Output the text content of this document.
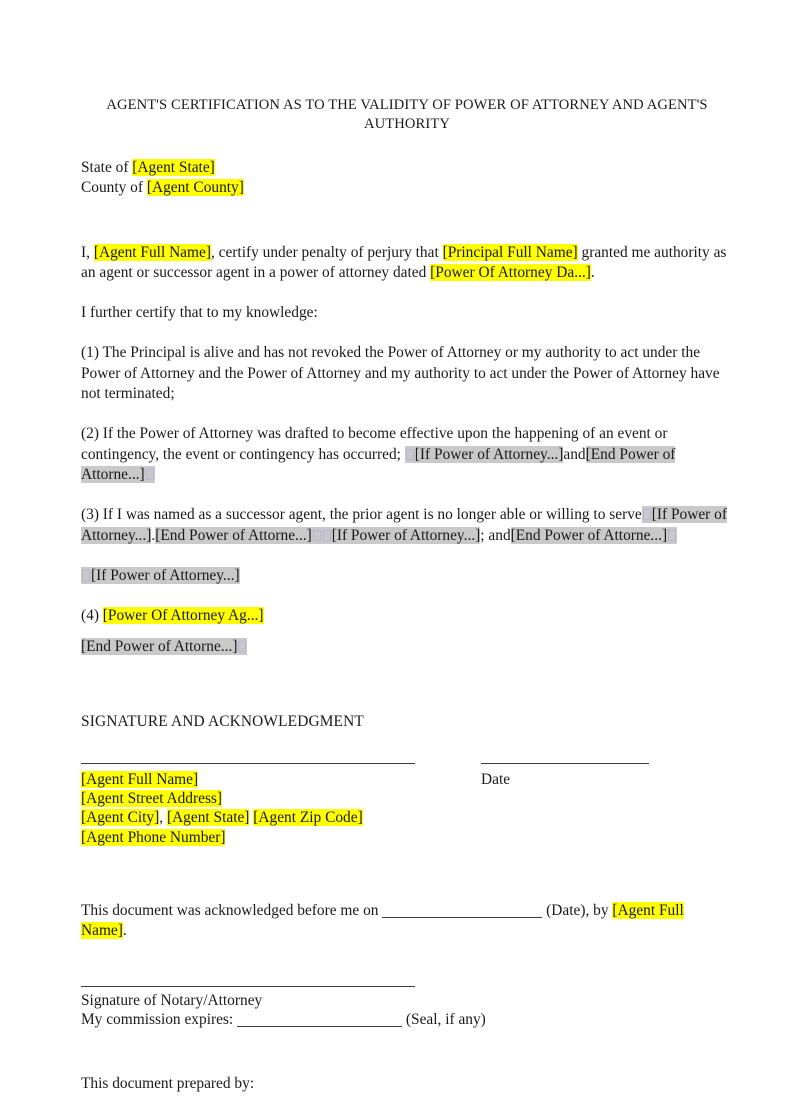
AGENT'S CERTIFICATION AS TO THE VALIDITY OF POWER OF ATTORNEY AND AGENT'S AUTHORITY

State of [Agent State]

County of [Agent County]

I, [Agent Full Name], certify under penalty of perjury that [Principal Full Name] granted me authority as an agent or successor agent in a power of attorney dated [Power Of Attorney Da...].

I further certify that to my knowledge:

(1) The Principal is alive and has not revoked the Power of Attorney or my authority to act under the Power of Attorney and the Power of Attorney and my authority to act under the Power of Attorney have not terminated;

(2) If the Power of Attorney was drafted to become effective upon the happening of an event or contingency, the event or contingency has occurred; [If Power of Attorney...]and[End Power of Attorne...]

(3) If I was named as a successor agent, the prior agent is no longer able or willing to serve [If Power of Attorney...].[End Power of Attorne...] [If Power of Attorney...]; and[End Power of Attorne...]

[If Power of Attorney...]

(4) [Power Of Attorney Ag...]

[End Power of Attorne...]

SIGNATURE AND ACKNOWLEDGMENT

[Agent Full Name]
[Agent Street Address]
[Agent City], [Agent State] [Agent Zip Code]
[Agent Phone Number]
Date

This document was acknowledged before me on	(Date), by [Agent Full Name].

Signature of Notary/Attorney

My commission expires:	(Seal, if any)

This document prepared by:
